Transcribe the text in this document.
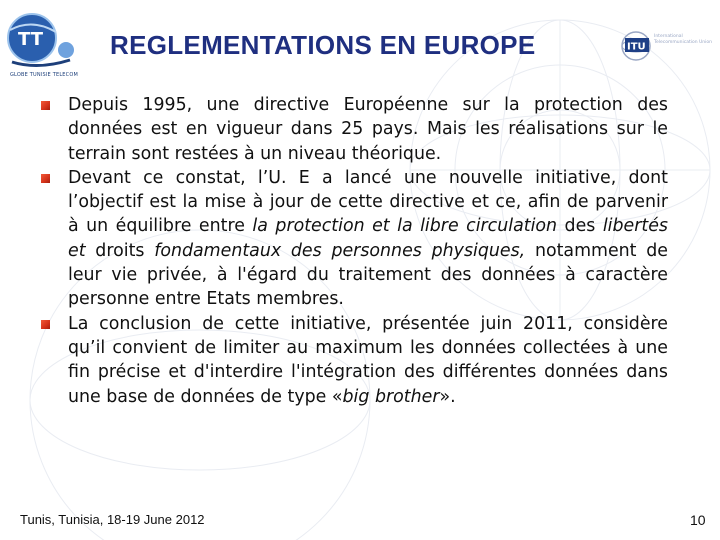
TT
GLOBE TUNISIE TELECOM
REGLEMENTATIONS EN EUROPE	ITU
International Telecommunication Union
Depuis 1995, une directive Européenne sur la protection des données est en vigueur dans 25 pays. Mais les réalisations sur le terrain sont restées à un niveau théorique.
Devant ce constat, l’U. E a lancé une nouvelle initiative, dont l’objectif est la mise à jour de cette directive et ce, afin de parvenir à un équilibre entre la protection et la libre circulation des libertés et droits fondamentaux des personnes physiques, notamment de leur vie privée, à l'égard du traitement des données à caractère personne entre Etats membres.
La conclusion de cette initiative, présentée juin 2011, considère qu’il convient de limiter au maximum les données collectées à une fin précise et d'interdire l'intégration des différentes données dans une base de données de type «big brother».
Tunis, Tunisia, 18-19 June 2012	10
